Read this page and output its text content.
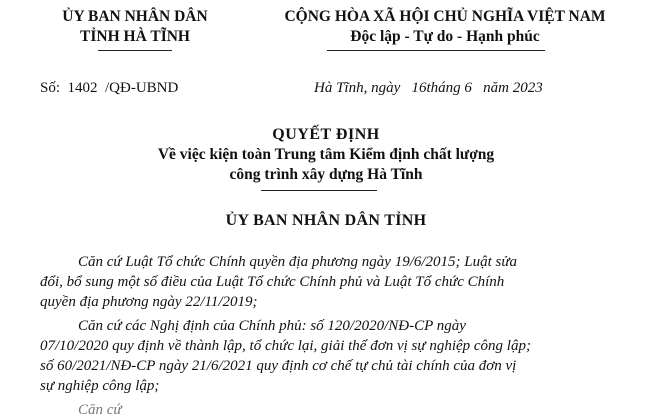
ỦY BAN NHÂN DÂN
TỈNH HÀ TĨNH
CỘNG HÒA XÃ HỘI CHỦ NGHĨA VIỆT NAM
Độc lập - Tự do - Hạnh phúc
Số: 1402 /QĐ-UBND	Hà Tĩnh, ngày 16tháng 6 năm 2023
QUYẾT ĐỊNH
Về việc kiện toàn Trung tâm Kiểm định chất lượng
công trình xây dựng Hà Tĩnh
ỦY BAN NHÂN DÂN TỈNH
Căn cứ Luật Tổ chức Chính quyền địa phương ngày 19/6/2015; Luật sửa
đổi, bổ sung một số điều của Luật Tổ chức Chính phủ và Luật Tổ chức Chính
quyền địa phương ngày 22/11/2019;
Căn cứ các Nghị định của Chính phủ: số 120/2020/NĐ-CP ngày
07/10/2020 quy định về thành lập, tổ chức lại, giải thể đơn vị sự nghiệp công lập;
số 60/2021/NĐ-CP ngày 21/6/2021 quy định cơ chế tự chủ tài chính của đơn vị
sự nghiệp công lập;
Căn cứ
